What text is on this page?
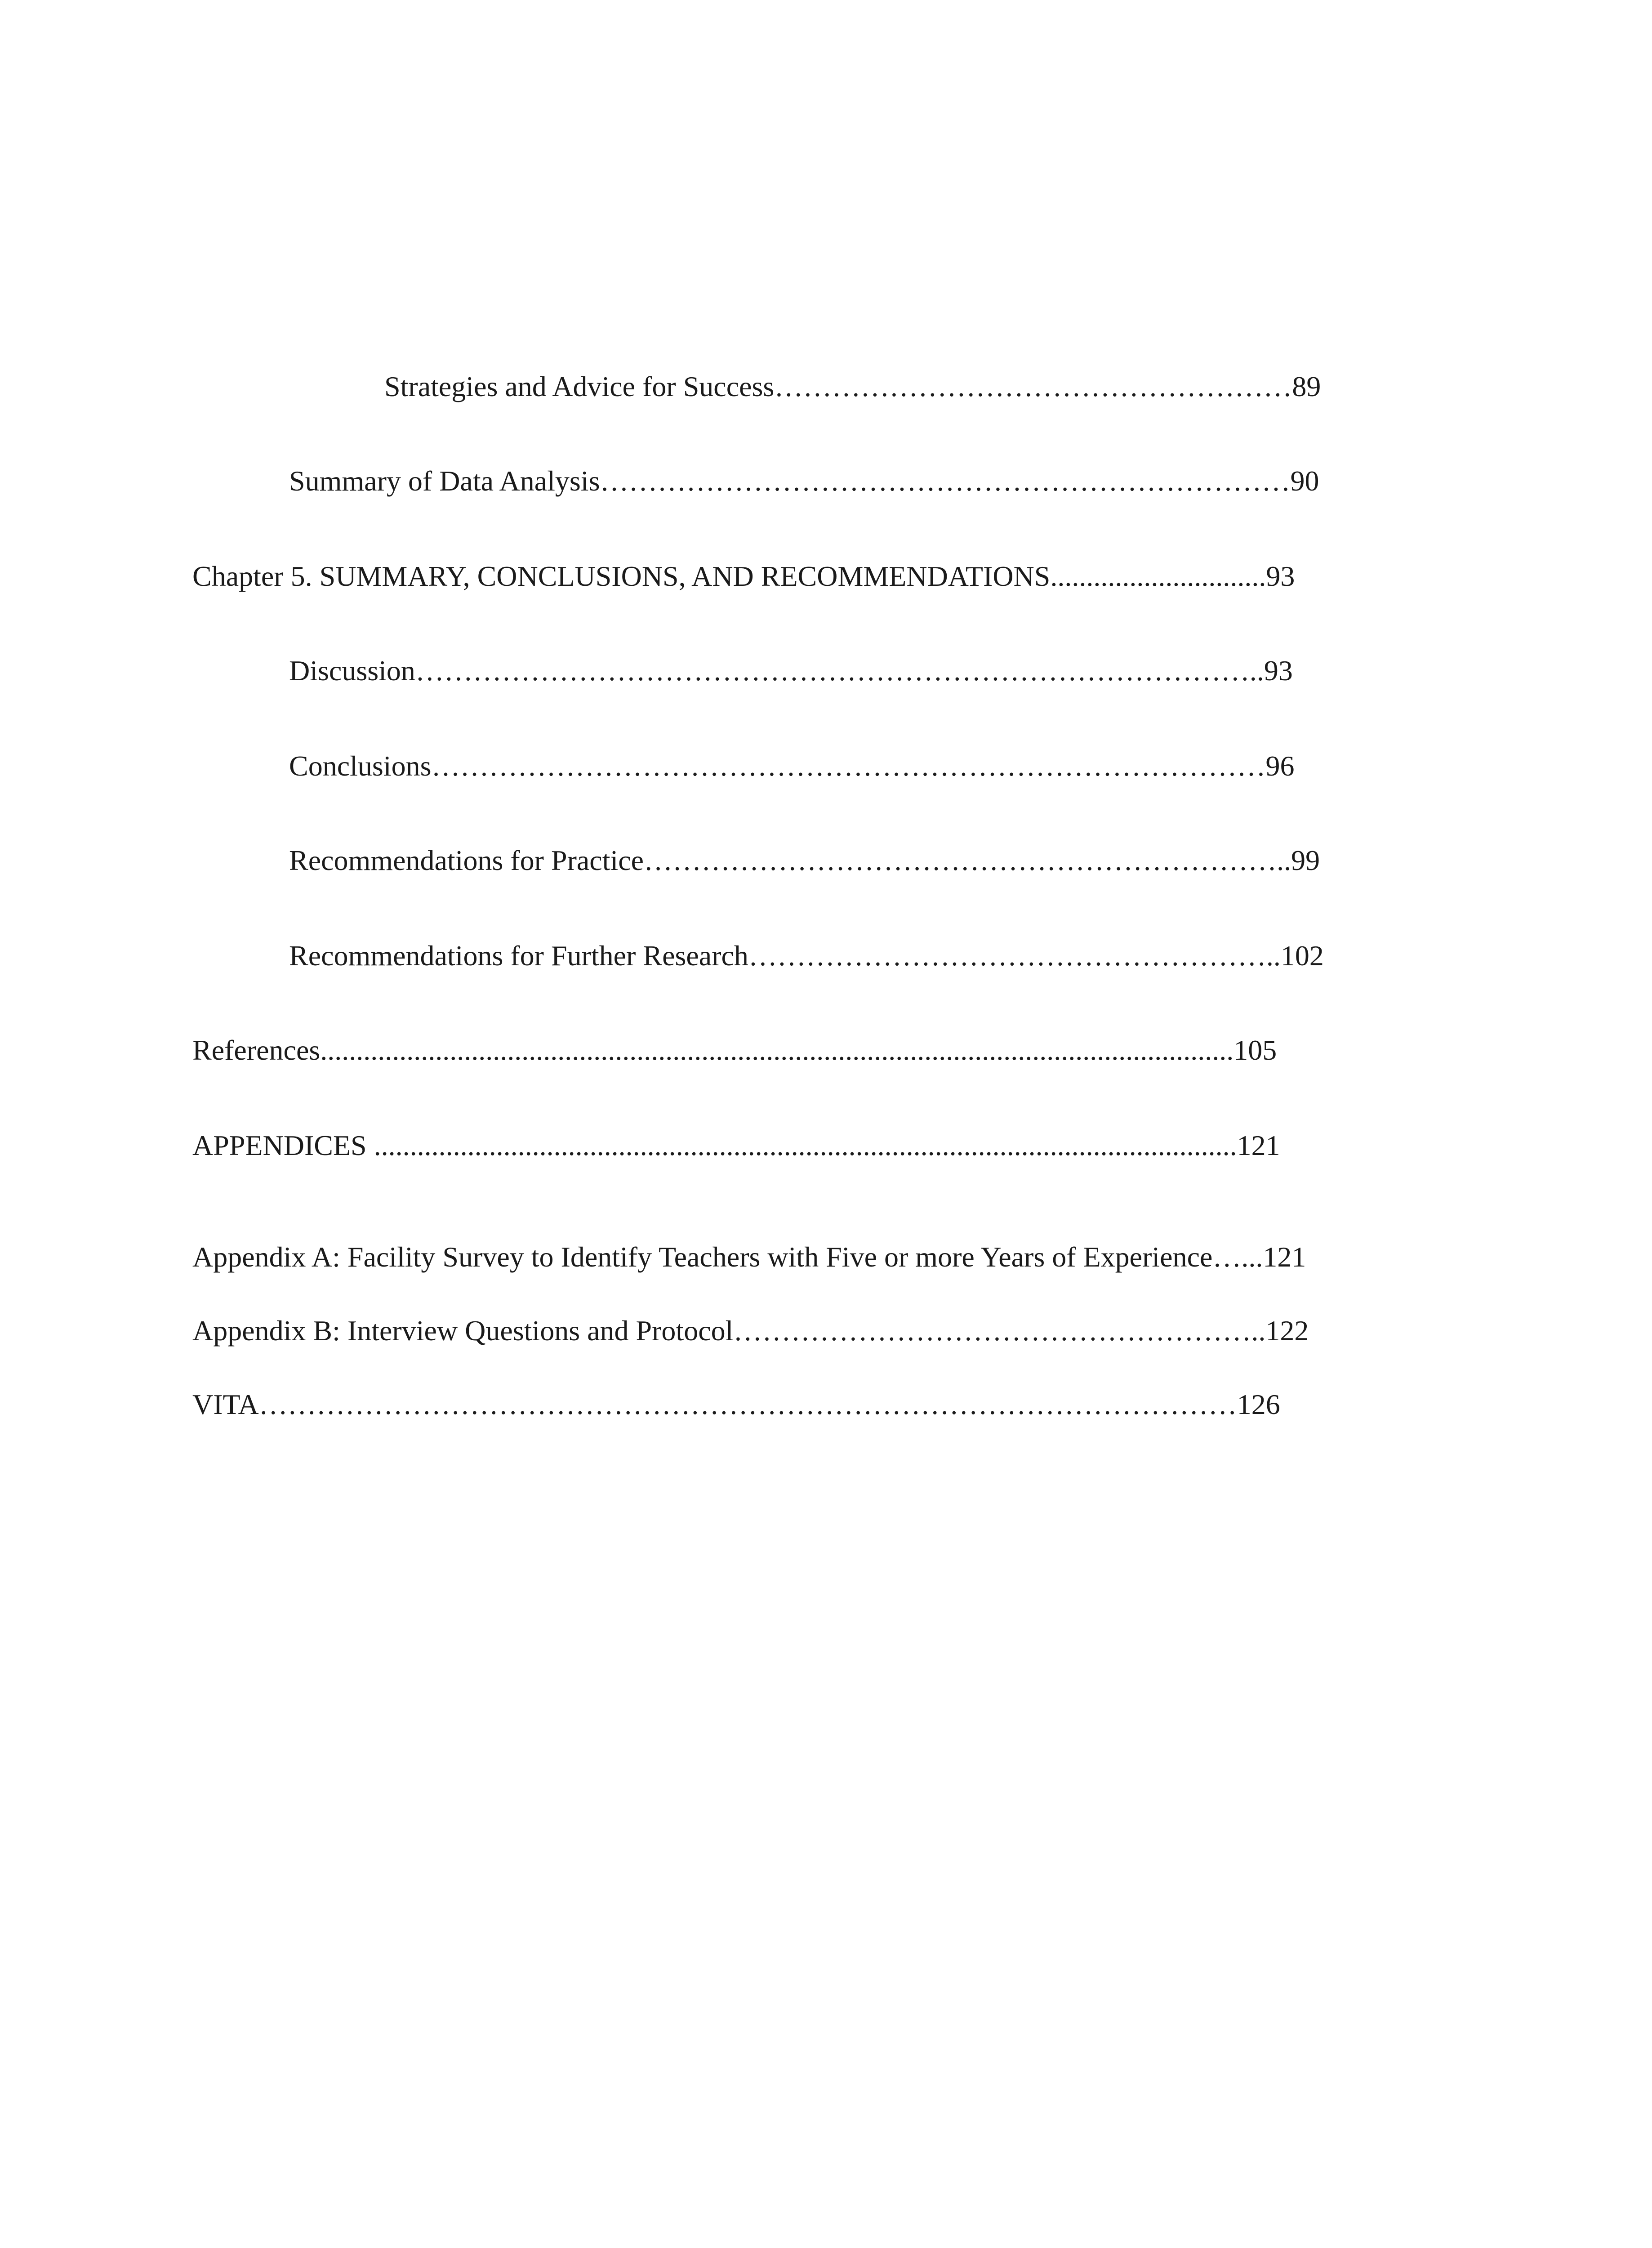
Strategies and Advice for Success………………………………………………89
Summary of Data Analysis………………………………………………………………90
Chapter 5. SUMMARY, CONCLUSIONS, AND RECOMMENDATIONS..............................93
Discussion……………………………………………………………………………..93
Conclusions……………………………………………………………………………96
Recommendations for Practice…………………………………………………………..99
Recommendations for Further Research………………………………………………..102
References...............................................................................................................................105
APPENDICES ........................................................................................................................121
Appendix A: Facility Survey to Identify Teachers with Five or more Years of Experience…...121
Appendix B: Interview Questions and Protocol………………………………………………..122
VITA…………………………………………………………………………………………126
